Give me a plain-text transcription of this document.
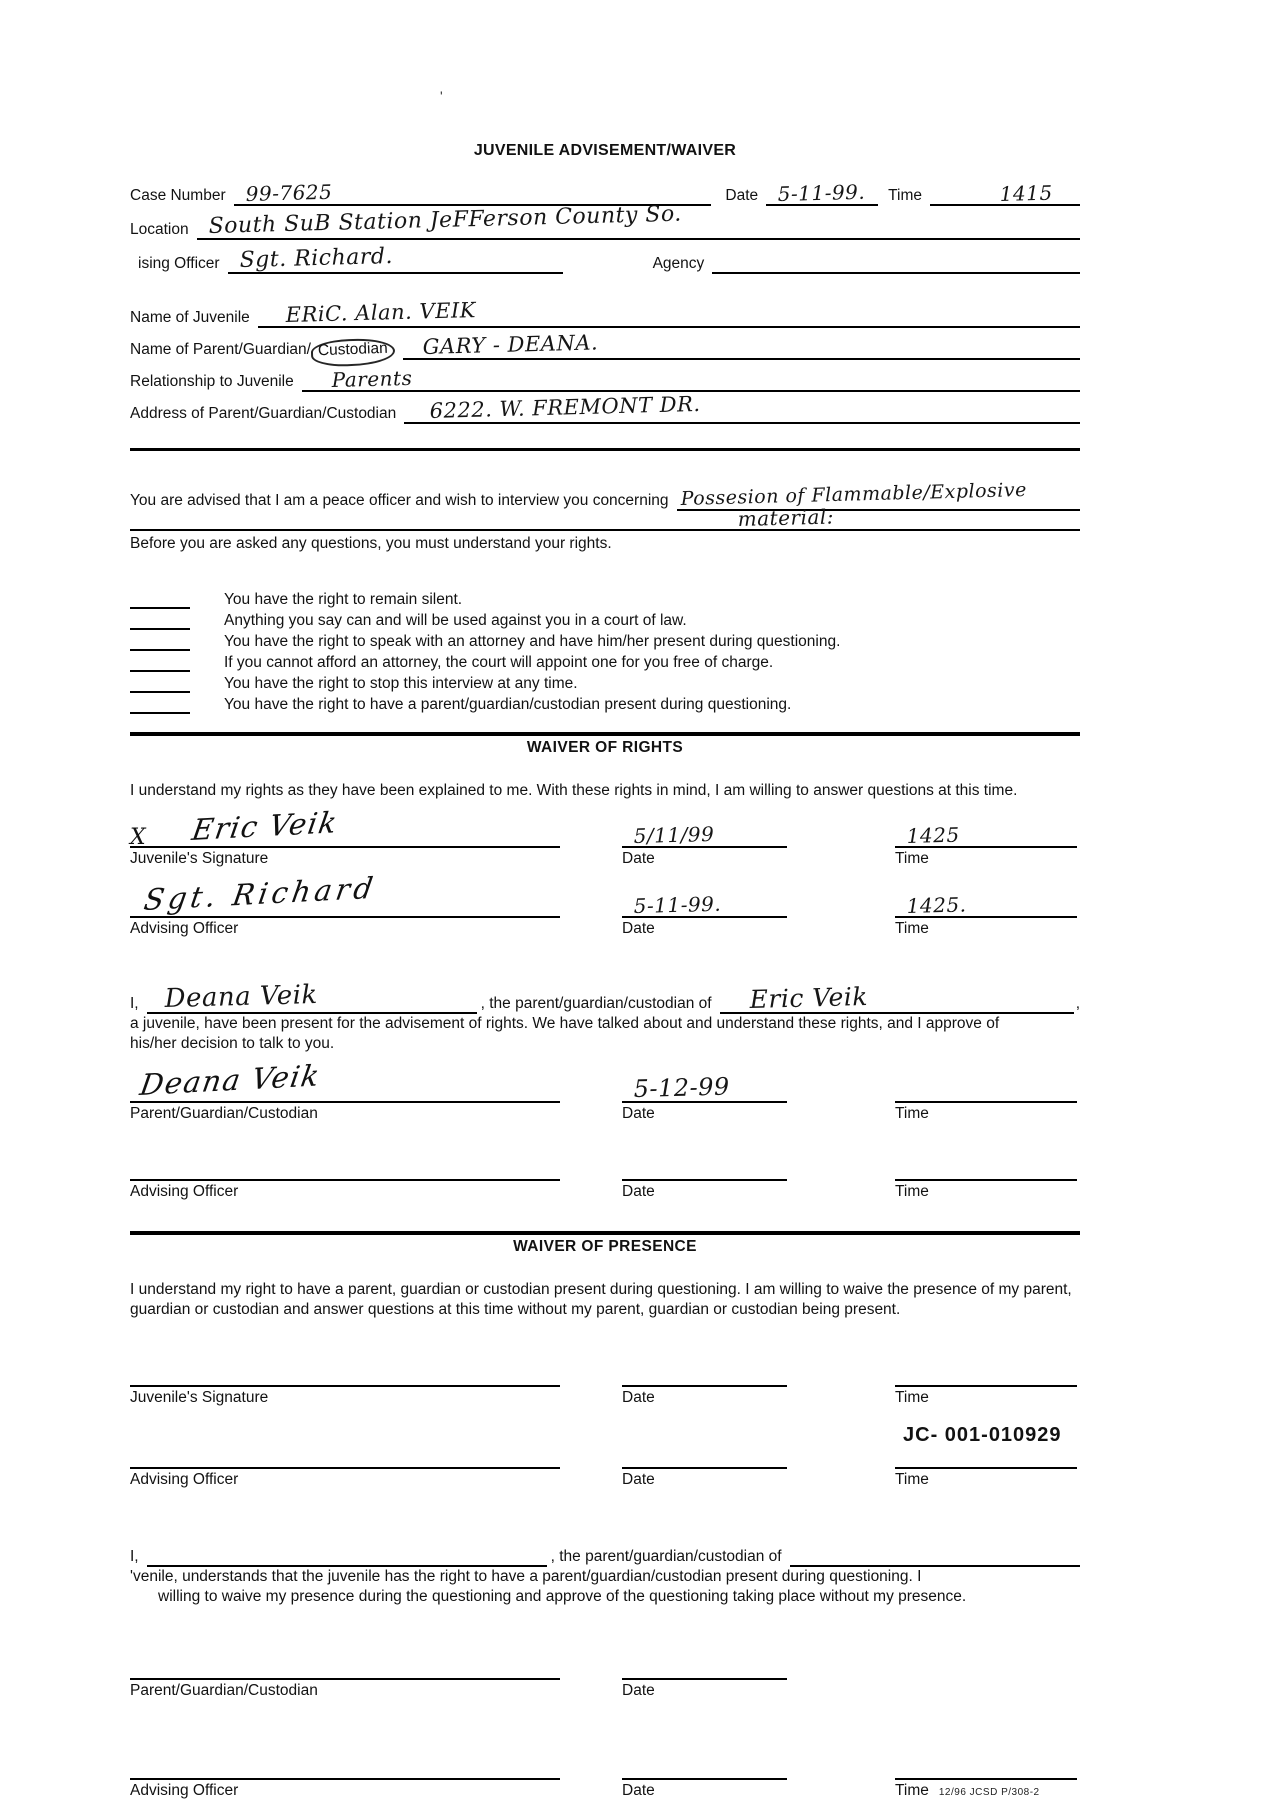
'
JUVENILE ADVISEMENT/WAIVER
Case Number 99-7625	Date 5-11-99.	Time	1415
Location South SuB Station JeFFerson County So.
ising Officer Sgt. Richard.	Agency
Name of Juvenile	ERiC. Alan. VEIK
Name of Parent/Guardian/ Custodian	GARY - DEANA.
Relationship to Juvenile	Parents
Address of Parent/Guardian/Custodian	6222. W. FREMONT DR.
You are advised that I am a peace officer and wish to interview you concerning Possesion of Flammable/Explosive
material:
Before you are asked any questions, you must understand your rights.
You have the right to remain silent.
Anything you say can and will be used against you in a court of law.
You have the right to speak with an attorney and have him/her present during questioning.
If you cannot afford an attorney, the court will appoint one for you free of charge.
You have the right to stop this interview at any time.
You have the right to have a parent/guardian/custodian present during questioning.
WAIVER OF RIGHTS
I understand my rights as they have been explained to me. With these rights in mind, I am willing to answer questions at this time.
X Eric Veik
Juvenile's Signature
5/11/99
Date
1425
Time
Sgt. Richard
Advising Officer
5-11-99.
Date
1425.
Time
I, Deana Veik	, the parent/guardian/custodian of	Eric Veik	,
a juvenile, have been present for the advisement of rights. We have talked about and understand these rights, and I approve of his/her decision to talk to you.
Deana Veik
Parent/Guardian/Custodian
5-12-99
Date	Time
Advising Officer	Date	Time
WAIVER OF PRESENCE
I understand my right to have a parent, guardian or custodian present during questioning. I am willing to waive the presence of my parent, guardian or custodian and answer questions at this time without my parent, guardian or custodian being present.
Juvenile's Signature	Date	Time
Advising Officer	Date	Time
I,	, the parent/guardian/custodian of
'venile, understands that the juvenile has the right to have a parent/guardian/custodian present during questioning. I
willing to waive my presence during the questioning and approve of the questioning taking place without my presence.
Parent/Guardian/Custodian	Date
Advising Officer	Date	Time 12/96 JCSD P/308-2
JC- 001-010929
